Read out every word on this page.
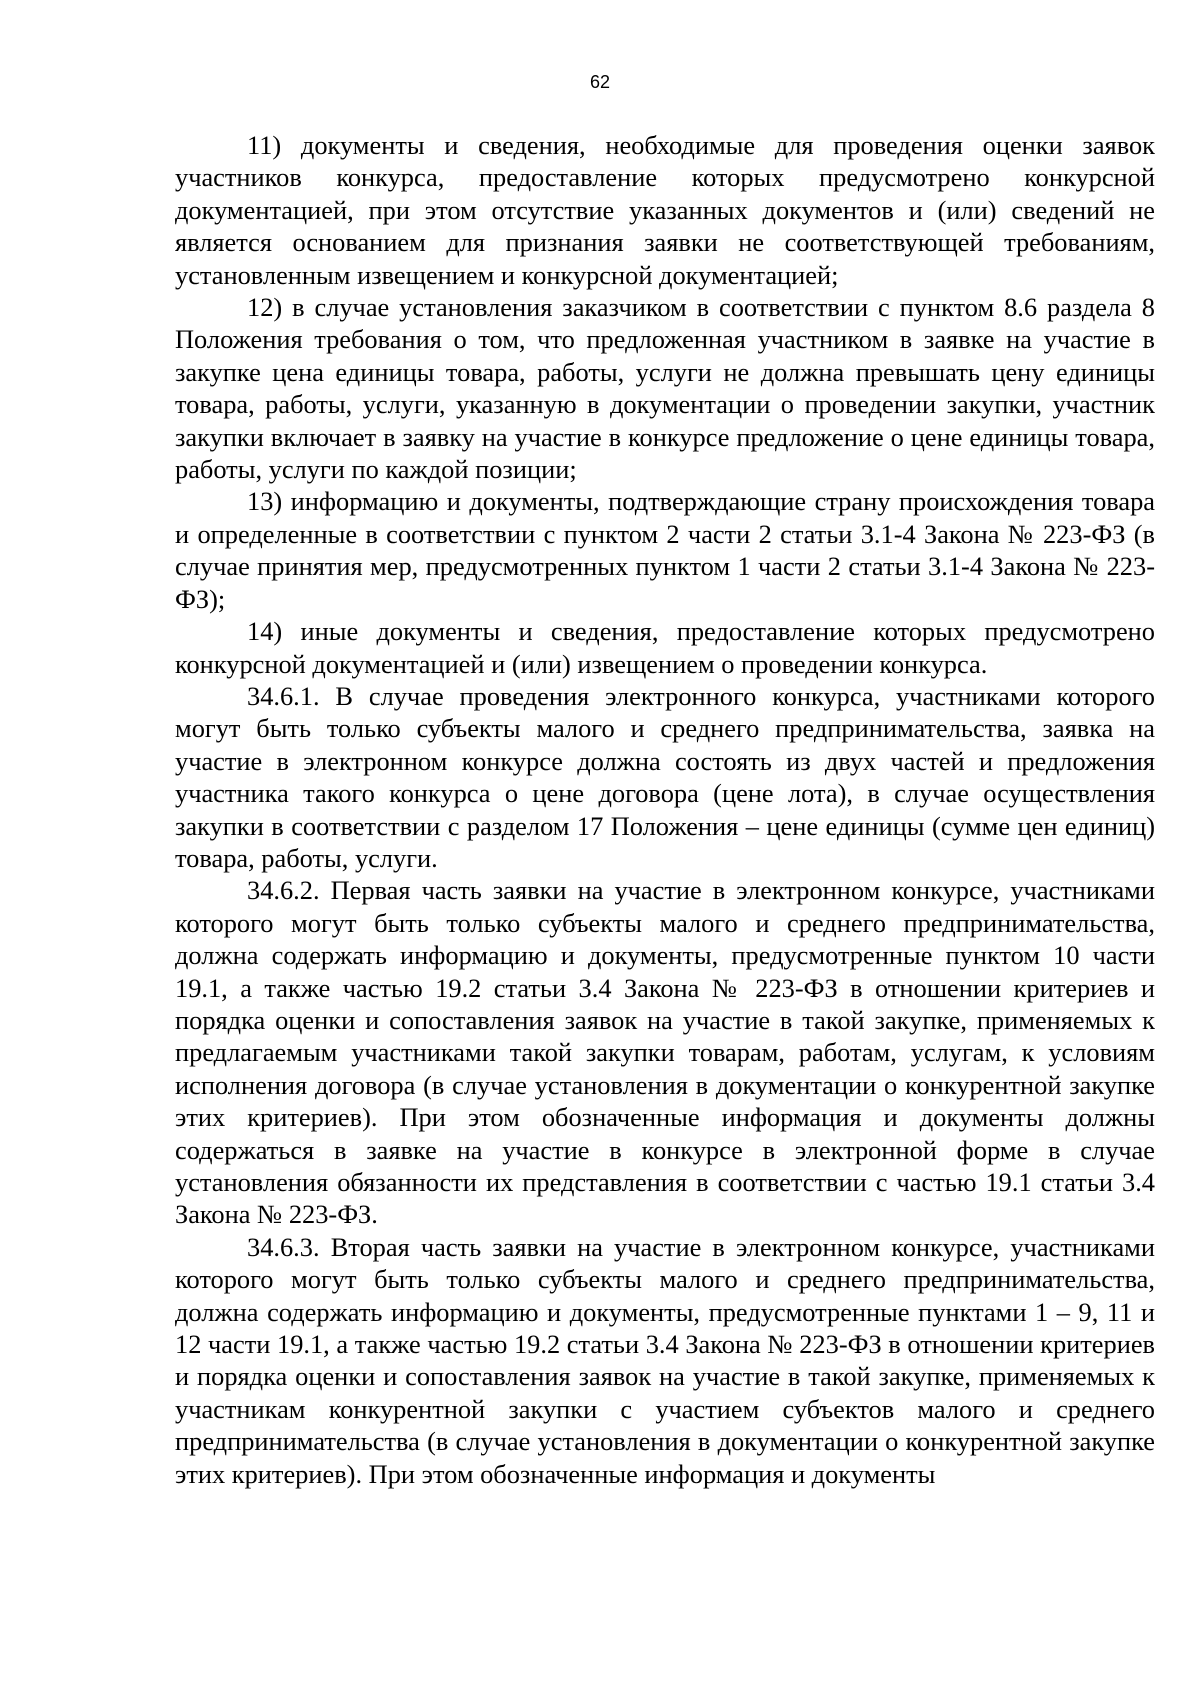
62

11) документы и сведения, необходимые для проведения оценки заявок участников конкурса, предоставление которых предусмотрено конкурсной документацией, при этом отсутствие указанных документов и (или) сведений не является основанием для признания заявки не соответствующей требованиям, установленным извещением и конкурсной документацией;

12) в случае установления заказчиком в соответствии с пунктом 8.6 раздела 8 Положения требования о том, что предложенная участником в заявке на участие в закупке цена единицы товара, работы, услуги не должна превышать цену единицы товара, работы, услуги, указанную в документации о проведении закупки, участник закупки включает в заявку на участие в конкурсе предложение о цене единицы товара, работы, услуги по каждой позиции;

13) информацию и документы, подтверждающие страну происхождения товара и определенные в соответствии с пунктом 2 части 2 статьи 3.1-4 Закона № 223-ФЗ (в случае принятия мер, предусмотренных пунктом 1 части 2 статьи 3.1-4 Закона № 223-ФЗ);

14) иные документы и сведения, предоставление которых предусмотрено конкурсной документацией и (или) извещением о проведении конкурса.

34.6.1. В случае проведения электронного конкурса, участниками которого могут быть только субъекты малого и среднего предпринимательства, заявка на участие в электронном конкурсе должна состоять из двух частей и предложения участника такого конкурса о цене договора (цене лота), в случае осуществления закупки в соответствии с разделом 17 Положения – цене единицы (сумме цен единиц) товара, работы, услуги.

34.6.2. Первая часть заявки на участие в электронном конкурсе, участниками которого могут быть только субъекты малого и среднего предпринимательства, должна содержать информацию и документы, предусмотренные пунктом 10 части 19.1, а также частью 19.2 статьи 3.4 Закона № 223-ФЗ в отношении критериев и порядка оценки и сопоставления заявок на участие в такой закупке, применяемых к предлагаемым участниками такой закупки товарам, работам, услугам, к условиям исполнения договора (в случае установления в документации о конкурентной закупке этих критериев). При этом обозначенные информация и документы должны содержаться в заявке на участие в конкурсе в электронной форме в случае установления обязанности их представления в соответствии с частью 19.1 статьи 3.4 Закона № 223-ФЗ.

34.6.3. Вторая часть заявки на участие в электронном конкурсе, участниками которого могут быть только субъекты малого и среднего предпринимательства, должна содержать информацию и документы, предусмотренные пунктами 1 – 9, 11 и 12 части 19.1, а также частью 19.2 статьи 3.4 Закона № 223-ФЗ в отношении критериев и порядка оценки и сопоставления заявок на участие в такой закупке, применяемых к участникам конкурентной закупки с участием субъектов малого и среднего предпринимательства (в случае установления в документации о конкурентной закупке этих критериев). При этом обозначенные информация и документы
